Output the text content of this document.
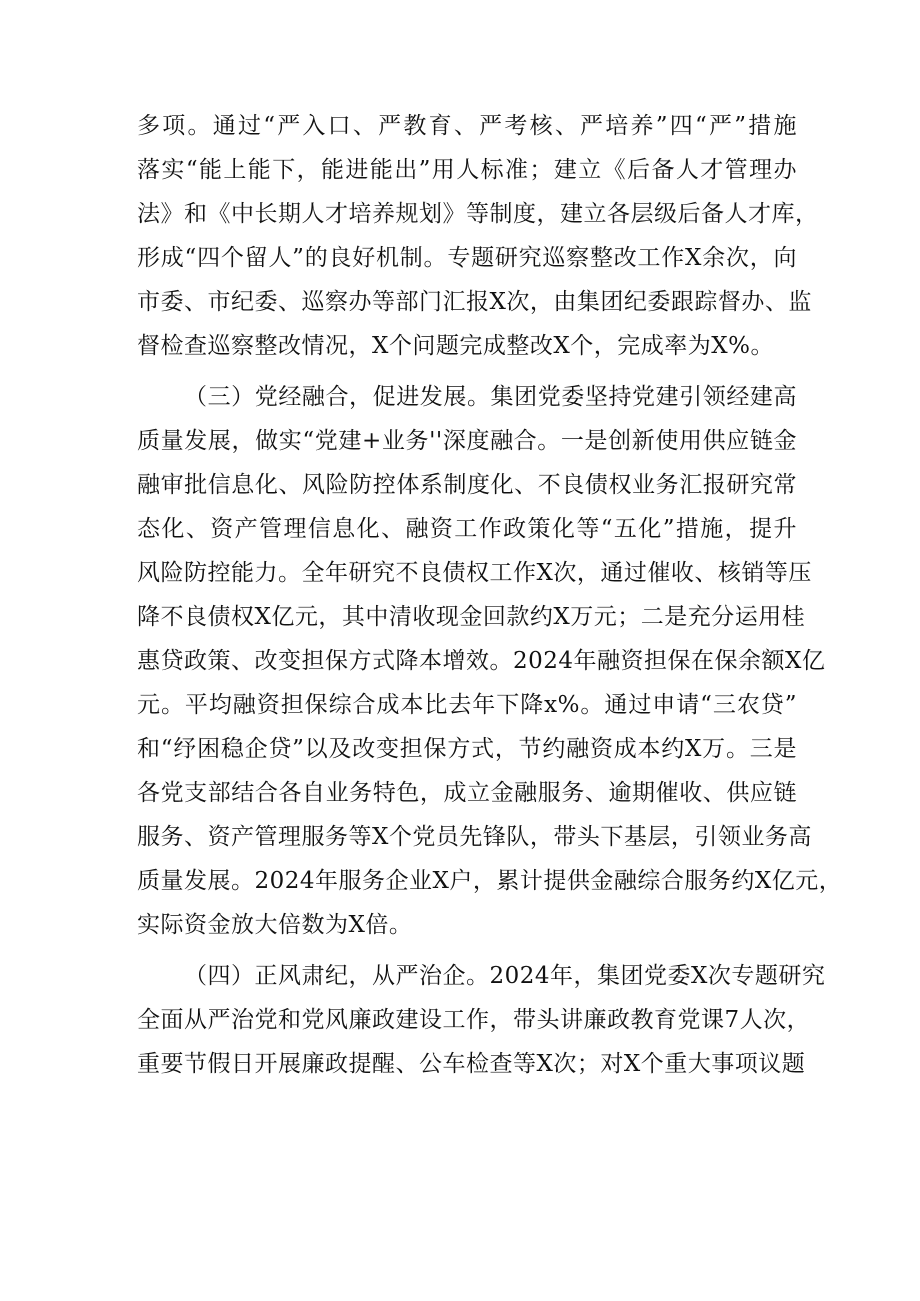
多项。通过“严入口、严教育、严考核、严培养”四“严”措施
落实“能上能下，能进能出”用人标准；建立《后备人才管理办
法》和《中长期人才培养规划》等制度，建立各层级后备人才库，
形成“四个留人”的良好机制。专题研究巡察整改工作X余次，向
市委、市纪委、巡察办等部门汇报X次，由集团纪委跟踪督办、监
督检查巡察整改情况，X个问题完成整改X个，完成率为X%。
（三）党经融合，促进发展。集团党委坚持党建引领经建高
质量发展，做实“党建+业务''深度融合。一是创新使用供应链金
融审批信息化、风险防控体系制度化、不良债权业务汇报研究常
态化、资产管理信息化、融资工作政策化等“五化”措施，提升
风险防控能力。全年研究不良债权工作X次，通过催收、核销等压
降不良债权X亿元，其中清收现金回款约X万元；二是充分运用桂
惠贷政策、改变担保方式降本增效。2024年融资担保在保余额X亿
元。平均融资担保综合成本比去年下降x%。通过申请“三农贷”
和“纾困稳企贷”以及改变担保方式，节约融资成本约X万。三是
各党支部结合各自业务特色，成立金融服务、逾期催收、供应链
服务、资产管理服务等X个党员先锋队，带头下基层，引领业务高
质量发展。2024年服务企业X户，累计提供金融综合服务约X亿元，
实际资金放大倍数为X倍。
（四）正风肃纪，从严治企。2024年，集团党委X次专题研究
全面从严治党和党风廉政建设工作，带头讲廉政教育党课7人次，
重要节假日开展廉政提醒、公车检查等X次；对X个重大事项议题
